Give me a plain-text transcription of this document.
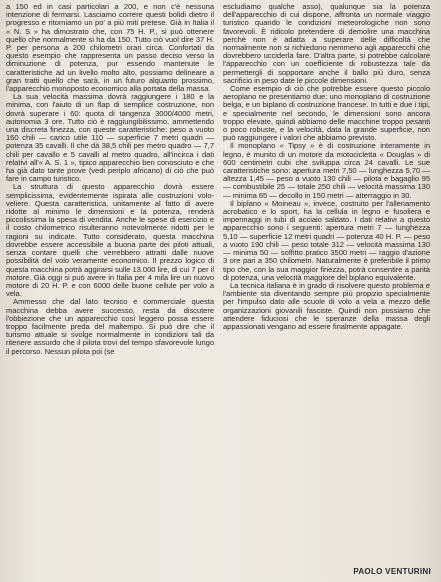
a 150 ed in casi particolari a 200, e non c'è nessuna intenzione di fermarsi. Lasciamo correre questi bolidi dietro il progresso e ritorniamo un po' a più miti pretese. Già in Italia il « N. S » ha dimostrato che, con 75 H. P., si può ottenere quello che normalmente si ha da 150. Tutto ciò vuol dire 37 H. P. per persona a 200 chilometri orari circa. Confortati da questo esempio che rappresenta un passo deciso verso la diminuzione di potenza, pur essendo mantenute le caratteristiche ad un livello molto alto, possiamo delineare a gran tratti quello che sarà, in un futuro alquanto prossimo, l'apparecchio monoposto economico alla portata della massa.

La sua velocità massima dovrà raggiungere i 180 e la minima, con l'aiuto di un flap di semplice costruzione, non dovrà superare i 60: quota di tangenza 3000/4000 metri, autonomia 3 ore. Tutto ciò è raggiungibilissimo, ammettendo una discreta finezza, con queste caratteristiche: peso a vuoto 160 chili — carico utile 110 — superficie 7 metri quadri — potenza 35 cavalli. Il che dà 38,5 chili per metro quadro — 7,7 chili per cavallo e 5 cavalli al metro quadro, all'incirca i dati relativi all'« A. S. 1 », tipico apparecchio ben conosciuto e che ha già dato tante prove (vedi periplo africano) di ciò che può fare in campo turistico.

La struttura di questo apparecchio dovrà essere semplicissima, evidentemente ispirata alle costruzioni volo-veliere. Questa caratteristica, unitamente al fatto di avere ridotte al minimo le dimensioni e la potenza, renderà piccolissima la spesa di vendita. Anche le spese di esercizio e il costo chilometrico risulteranno notevolmente ridotti per le ragioni su indicate. Tutto considerato, questa macchina dovrebbe essere accessibile a buona parte dei piloti attuali, senza contare quelli che verrebbero attratti dalle nuove possibilità del volo veramente economico. Il prezzo logico di questa macchina potrà aggirarsi sulle 13.000 lire, di cui 7 per il motore. Già oggi si può avere in Italia per 4 mila lire un nuovo motore di 20 H. P. e con 6000 delle buone cellule per volo a vela.

Ammesso che dal lato tecnico e commerciale questa macchina debba avere successo, resta da discutere l'obbiezione che un apparecchio così leggero possa essere troppo facilmente preda del maltempo. Si può dire che il turismo attuale si svolge normalmente in condizioni tali da ritenere assurdo che il pilota trovi del tempo sfavorevole lungo il percorso. Nessun pilota poi (se

escludiamo qualche asso), qualunque sia la potenza dell'apparecchio di cui dispone, affronta un normale viaggio turistico quando le condizioni meteorologiche non sono favorevoli. È ridicolo pretendere di demolire una macchina perchè non è adatta a superare delle difficoltà che normalmente non si richiedono nemmeno agli apparecchi che dovrebbero ucciderla fare. D'altra parte, si potrebbe calcolare l'apparecchio con un coefficiente di robustezza tale da permettergli di sopportare anche il ballo più duro, senza sacrificio in peso date le piccole dimensioni.

Come esempio di ciò che potrebbe essere questo piccolo aeroplano ne presentiamo due: uno monoplano di costruzione belga, e un biplano di costruzione francese. In tutti e due i tipi, e specialmente nel secondo, le dimensioni sono ancora troppo elevate, quindi abbiamo delle macchine troppo pesanti o poco robuste, e la velocità, data la grande superficie, non può raggiungere i valori che abbiamo previsto.

Il monoplano « Tipsy » è di costruzione interamente in legno, è munito di un motore da motocicletta « Douglas » di 600 centimetri cubi che sviluppa circa 24 cavalli. Le sue caratteristiche sono: apertura metri 7,50 — lunghezza 5,70 — altezza 1,45 — peso a vuoto 130 chili — pilota e bagaglio 95 — combustibile 25 — totale 250 chili — velocità massima 130 — minima 65 — decollo in 150 metri — atterraggio in 30.

Il biplano « Moineau », invece, costruito per l'allenamento acrobatico e lo sport, ha la cellula in legno e fusoliera e impennaggi in tubi di acciaio saldato. I dati relativi a questo apparecchio sono i seguenti: apertura metri 7 — lunghezza 5,10 — superficie 12 metri quadri — potenza 40 H. P. — peso a vuoto 190 chili — peso totale 312 — velocità massima 130 — minima 50 — soffitto pratico 3500 metri — raggio d'azione 3 ore pari a 350 chilometri. Naturalmente è preferibile il primo tipo che, con la sua maggior finezza, potrà consentire a parità di potenza, una velocità maggiore del biplano equivalente.

La tecnica italiana è in grado di risolvere questo problema e l'ambiente sta diventando sempre più propizio specialmente per l'impulso dato alle scuole di volo a vela a mezzo delle organizzazioni giovanili fasciste. Quindi non possiamo che attendere fiduciosi che le speranze della massa degli appassionati vengano ad essere finalmente appagate.

PAOLO VENTURINI
